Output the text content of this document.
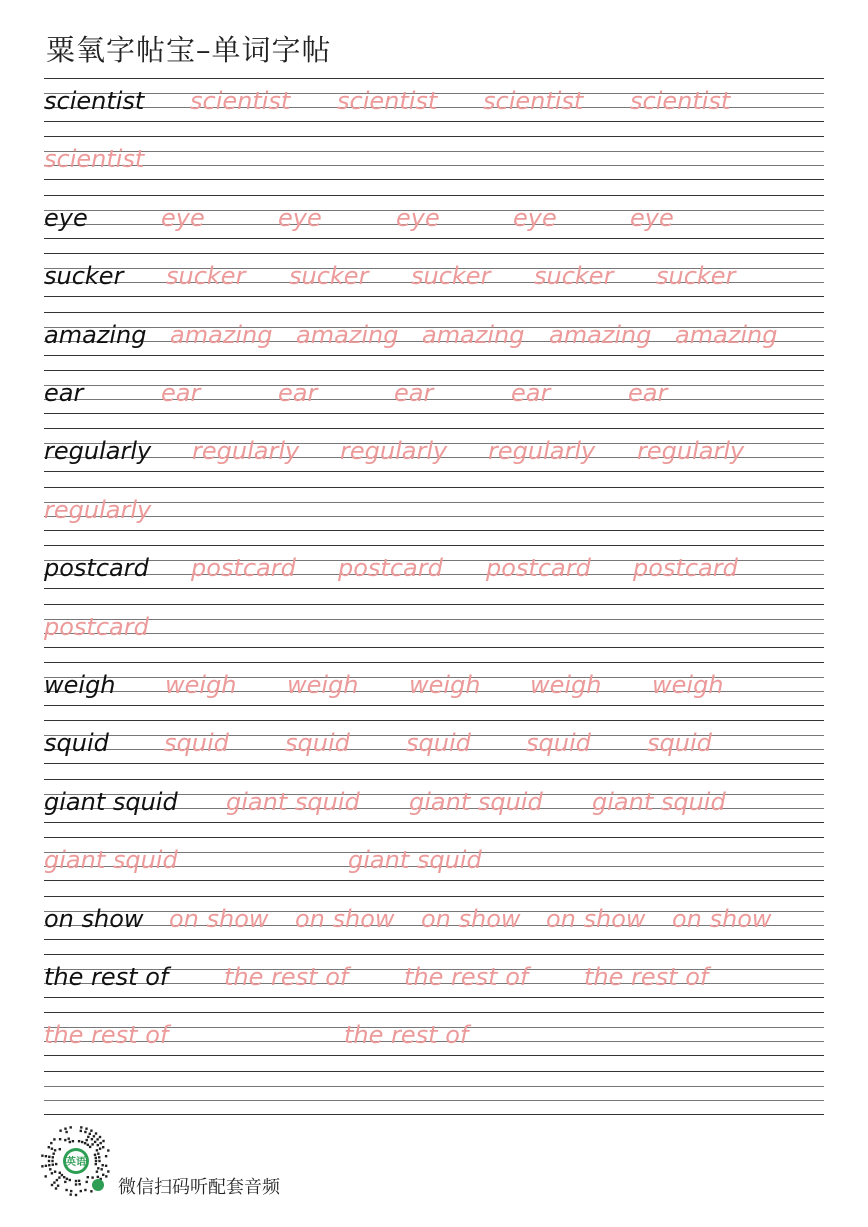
粟氧字帖宝–单词字帖
scientist scientist scientist scientist scientist
scientist
eye	eye	eye	eye	eye	eye
sucker sucker sucker sucker sucker sucker
amazing amazing amazing amazing amazing amazing
ear	ear	ear	ear	ear	ear
regularly regularly regularly regularly regularly
regularly
postcard postcard postcard postcard postcard
postcard
weigh weigh weigh weigh weigh weigh
squid squid squid squid squid squid
giant squid giant squid giant squid giant squid
giant squid	giant squid
on show on show on show on show on show on show
the rest of the rest of the rest of the rest of
the rest of	the rest of
英语
微信扫码听配套音频
